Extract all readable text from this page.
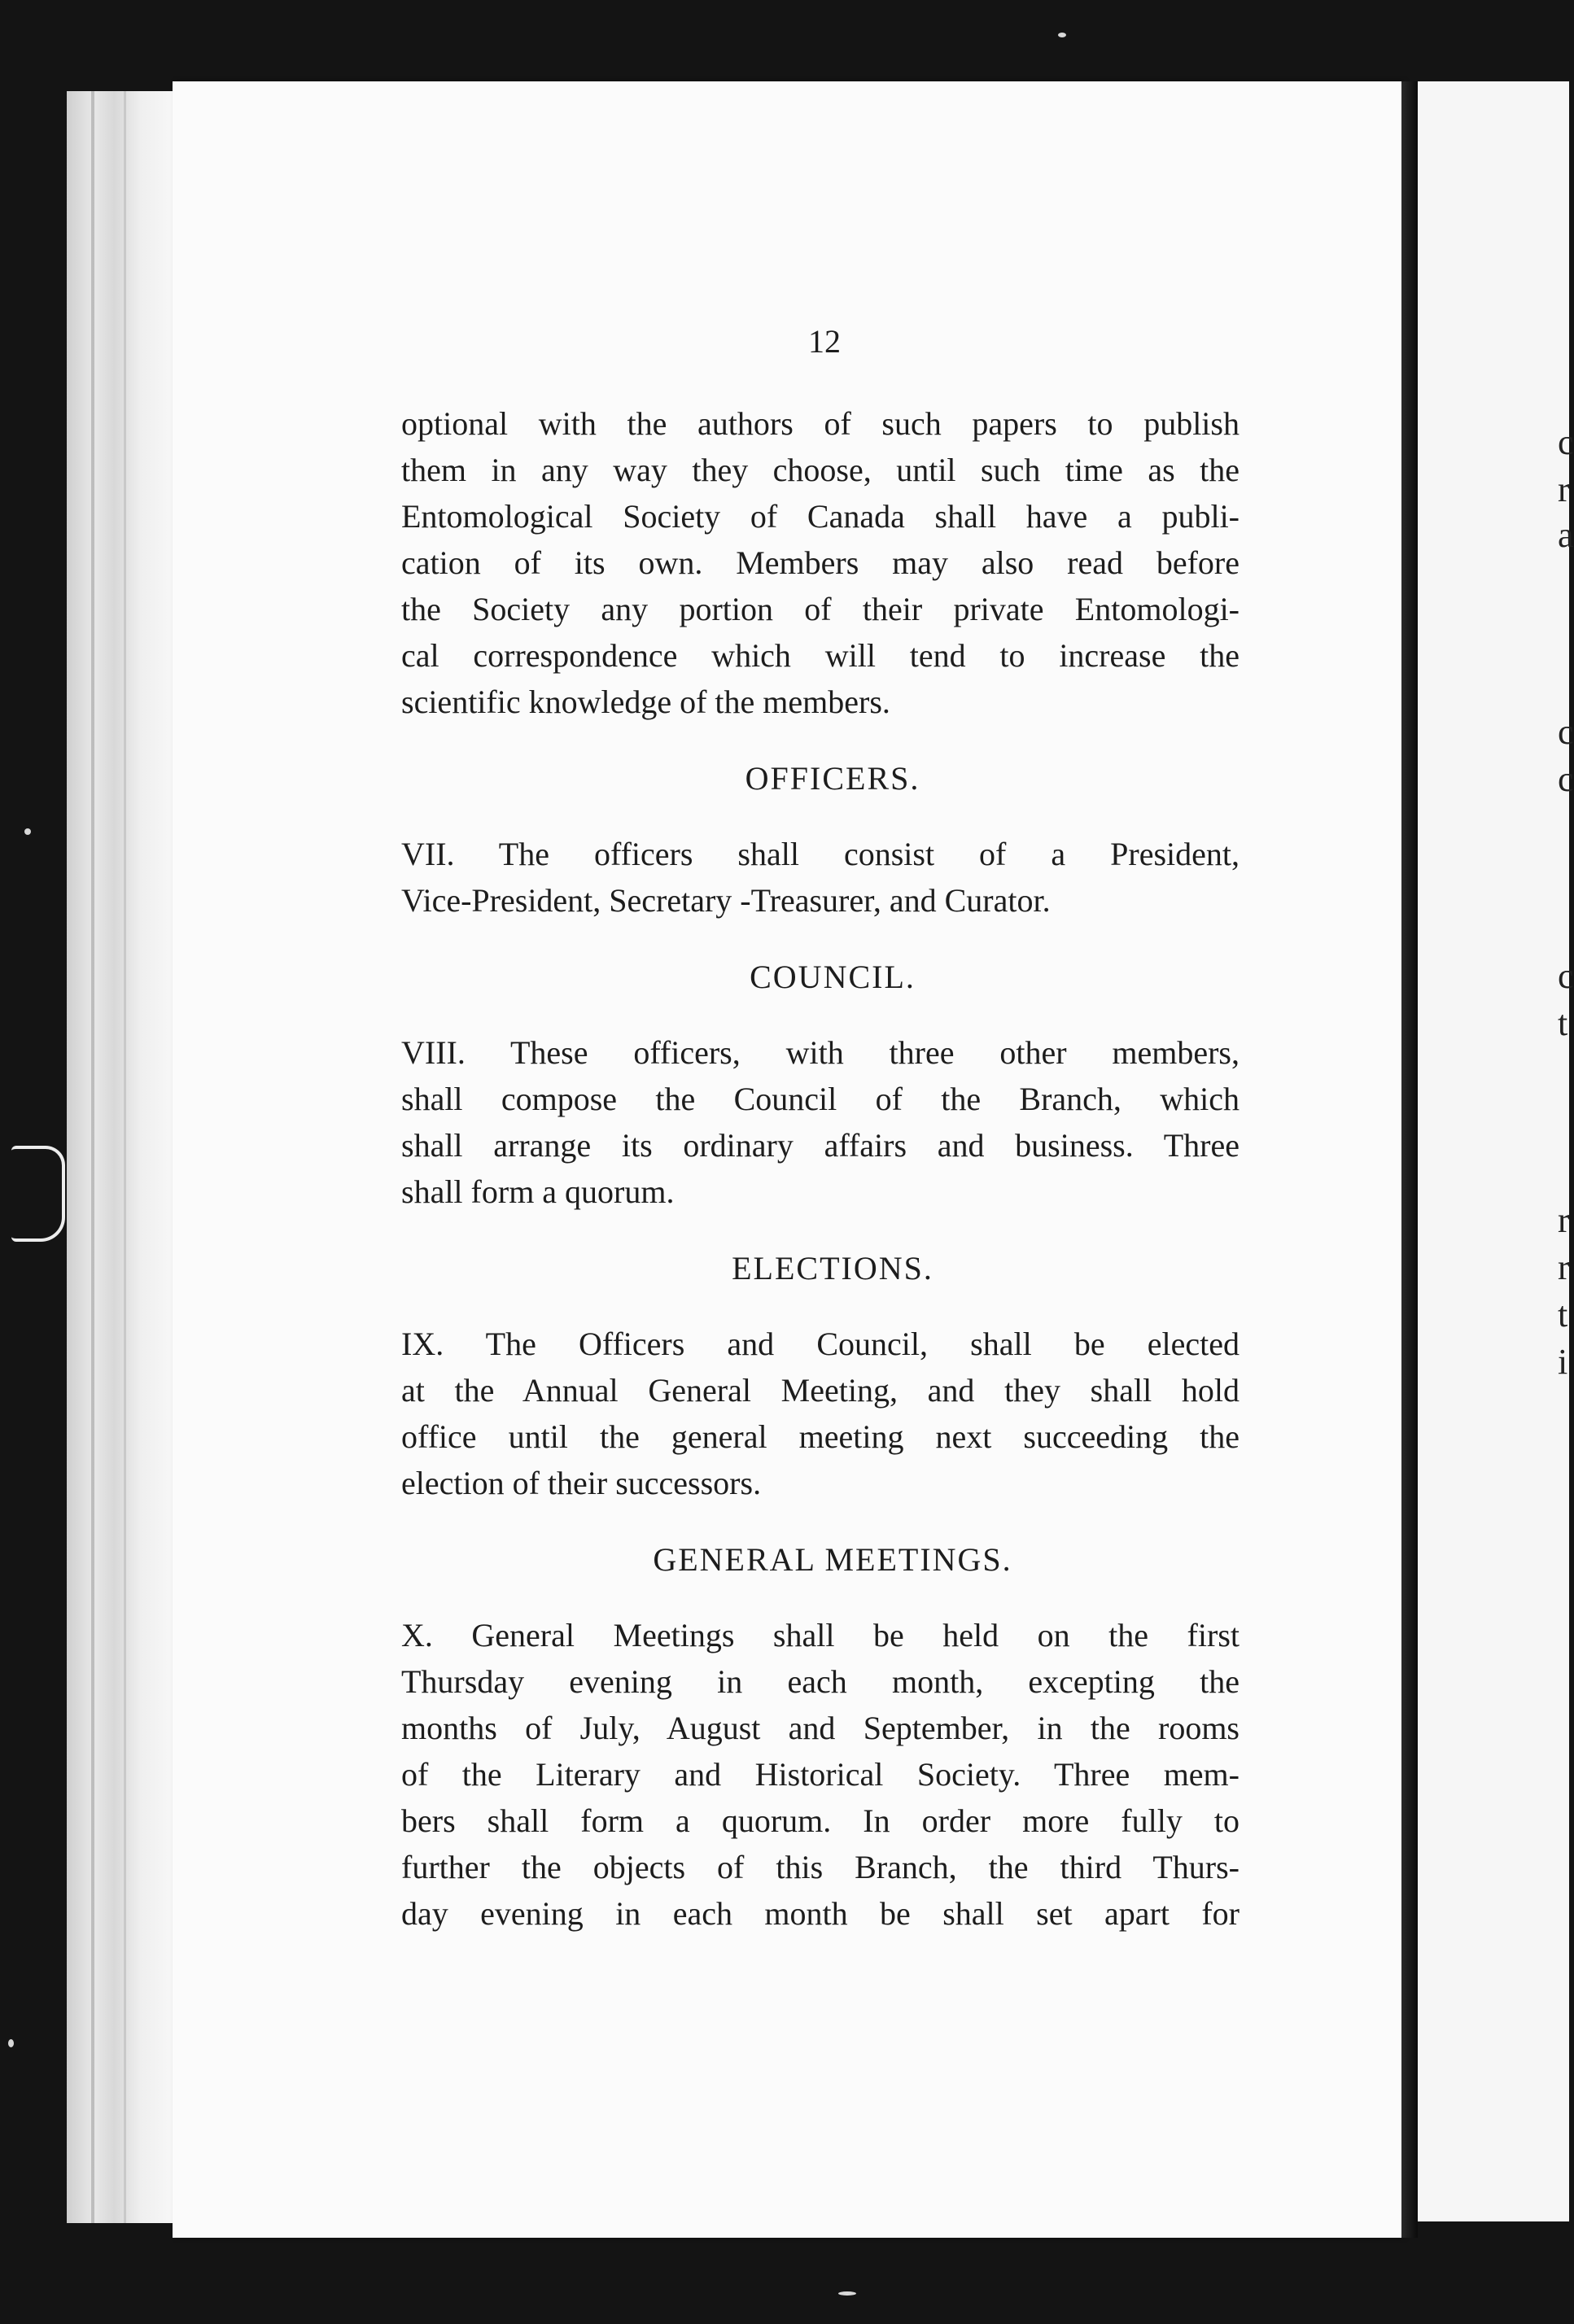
c
r
a
c
c
c
t
r
r
t
i
12

optional with the authors of such papers to publish
them in any way they choose, until such time as the
Entomological Society of Canada shall have a publi-
cation of its own. Members may also read before
the Society any portion of their private Entomologi-
cal correspondence which will tend to increase the
scientific knowledge of the members.

OFFICERS.

VII. The officers shall consist of a President,
Vice-President, Secretary -Treasurer, and Curator.

COUNCIL.

VIII. These officers, with three other members,
shall compose the Council of the Branch, which
shall arrange its ordinary affairs and business. Three
shall form a quorum.

ELECTIONS.

IX. The Officers and Council, shall be elected
at the Annual General Meeting, and they shall hold
office until the general meeting next succeeding the
election of their successors.

GENERAL MEETINGS.

X. General Meetings shall be held on the first
Thursday evening in each month, excepting the
months of July, August and September, in the rooms
of the Literary and Historical Society. Three mem-
bers shall form a quorum. In order more fully to
further the objects of this Branch, the third Thurs-
day evening in each month be shall set apart for
